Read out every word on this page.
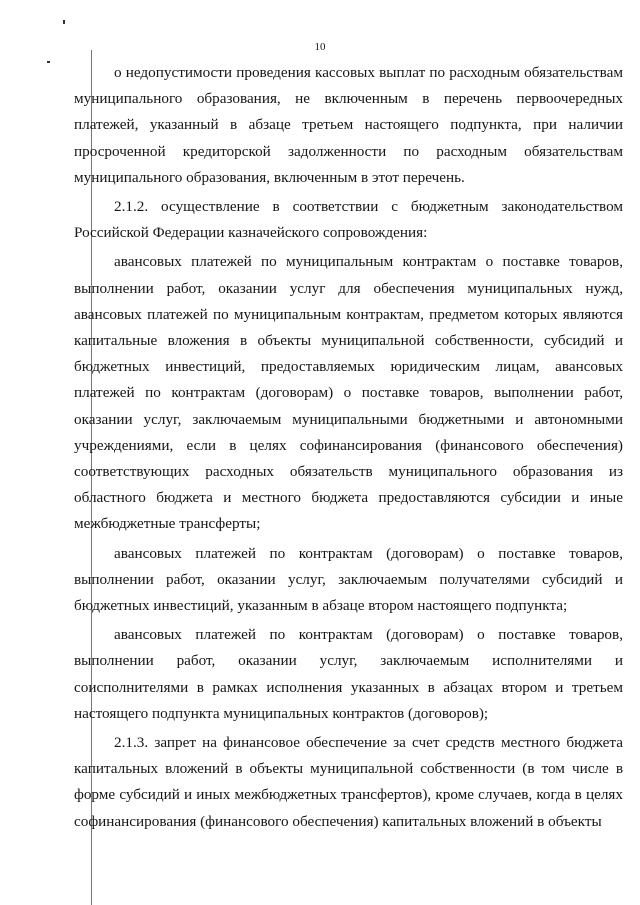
10

о недопустимости проведения кассовых выплат по расходным обязательствам муниципального образования, не включенным в перечень первоочередных платежей, указанный в абзаце третьем настоящего подпункта, при наличии просроченной кредиторской задолженности по расходным обязательствам муниципального образования, включенным в этот перечень.

2.1.2. осуществление в соответствии с бюджетным законодательством Российской Федерации казначейского сопровождения:

авансовых платежей по муниципальным контрактам о поставке товаров, выполнении работ, оказании услуг для обеспечения муниципальных нужд, авансовых платежей по муниципальным контрактам, предметом которых являются капитальные вложения в объекты муниципальной собственности, субсидий и бюджетных инвестиций, предоставляемых юридическим лицам, авансовых платежей по контрактам (договорам) о поставке товаров, выполнении работ, оказании услуг, заключаемым муниципальными бюджетными и автономными учреждениями, если в целях софинансирования (финансового обеспечения) соответствующих расходных обязательств муниципального образования из областного бюджета и местного бюджета предоставляются субсидии и иные межбюджетные трансферты;

авансовых платежей по контрактам (договорам) о поставке товаров, выполнении работ, оказании услуг, заключаемым получателями субсидий и бюджетных инвестиций, указанным в абзаце втором настоящего подпункта;

авансовых платежей по контрактам (договорам) о поставке товаров, выполнении работ, оказании услуг, заключаемым исполнителями и соисполнителями в рамках исполнения указанных в абзацах втором и третьем настоящего подпункта муниципальных контрактов (договоров);

2.1.3. запрет на финансовое обеспечение за счет средств местного бюджета капитальных вложений в объекты муниципальной собственности (в том числе в форме субсидий и иных межбюджетных трансфертов), кроме случаев, когда в целях софинансирования (финансового обеспечения) капитальных вложений в объекты
